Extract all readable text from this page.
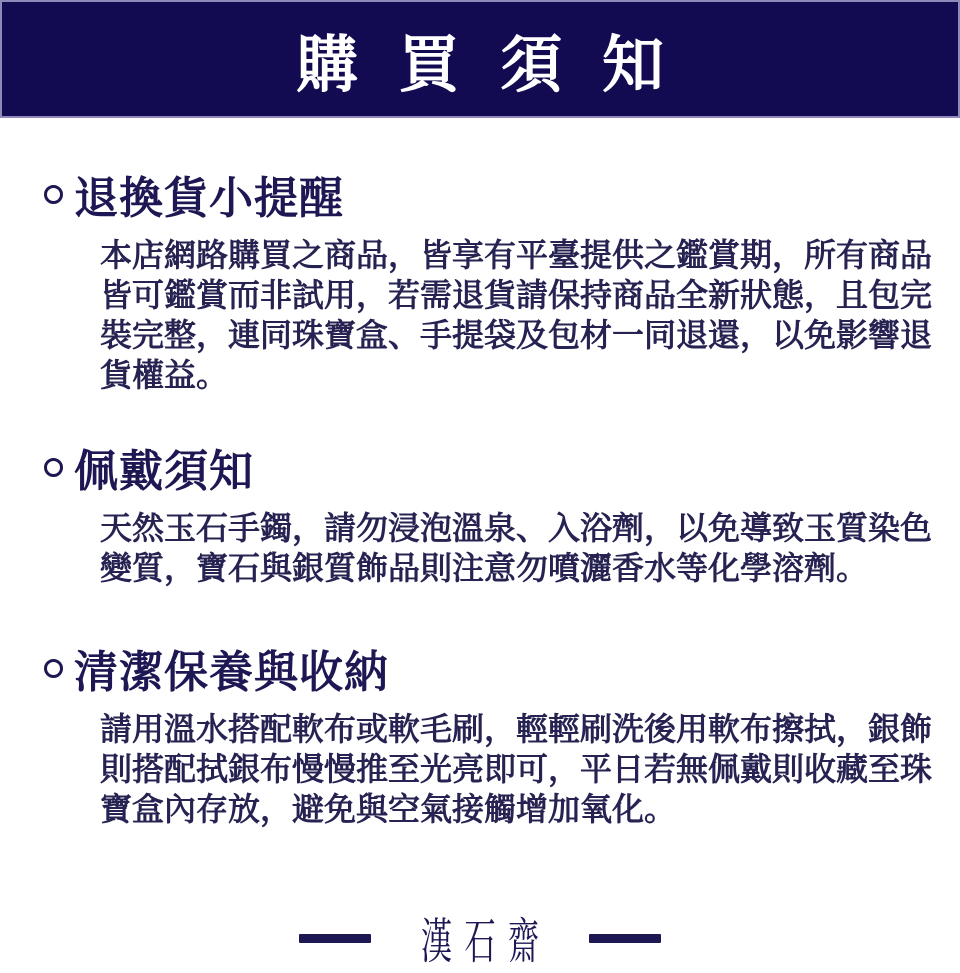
購買須知
退換貨小提醒
本店網路購買之商品，皆享有平臺提供之鑑賞期，所有商品
皆可鑑賞而非試用，若需退貨請保持商品全新狀態，且包完
裝完整，連同珠寶盒、手提袋及包材一同退還，以免影響退
貨權益。
佩戴須知
天然玉石手鐲，請勿浸泡溫泉、入浴劑，以免導致玉質染色
變質，寶石與銀質飾品則注意勿噴灑香水等化學溶劑。
清潔保養與收納
請用溫水搭配軟布或軟毛刷，輕輕刷洗後用軟布擦拭，銀飾
則搭配拭銀布慢慢推至光亮即可，平日若無佩戴則收藏至珠
寶盒內存放，避免與空氣接觸增加氧化。
漢石齋
